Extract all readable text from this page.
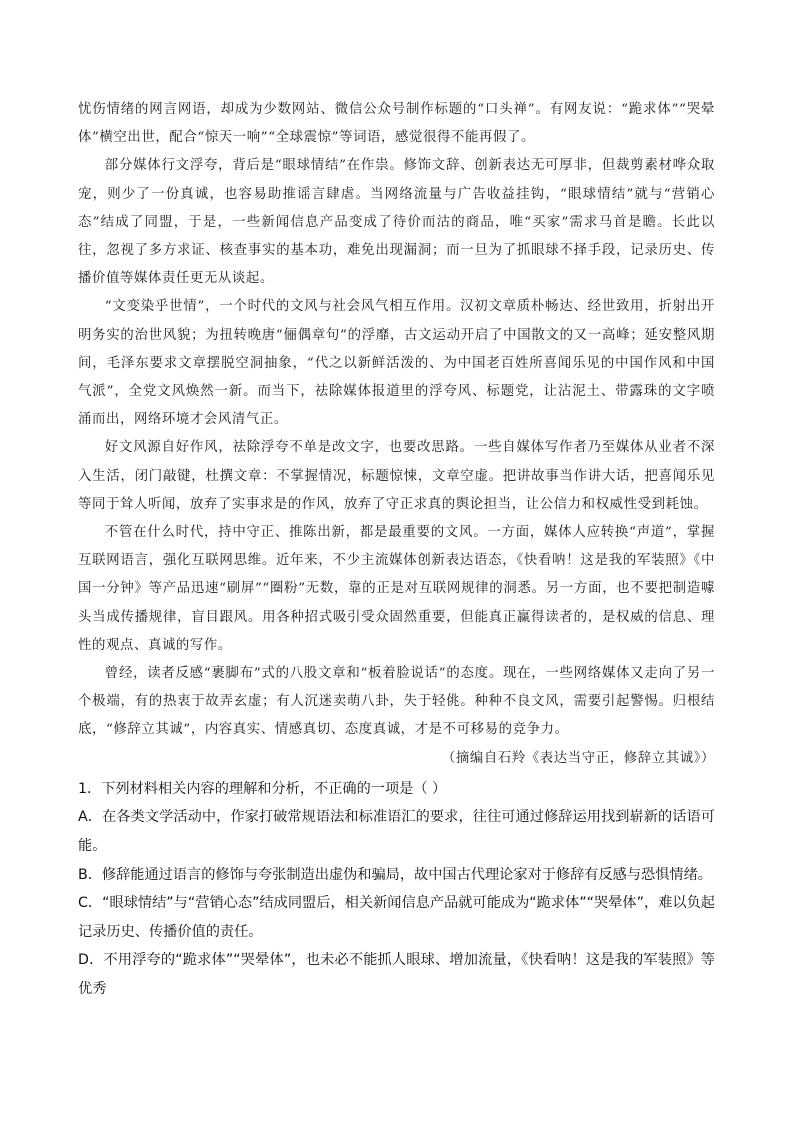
忧伤情绪的网言网语，却成为少数网站、微信公众号制作标题的“口头禅”。有网友说：“跪求体”“哭晕体”横空出世，配合“惊天一响”“全球震惊”等词语，感觉很得不能再假了。

部分媒体行文浮夸，背后是“眼球情结”在作祟。修饰文辞、创新表达无可厚非，但裁剪素材哗众取宠，则少了一份真诚，也容易助推谣言肆虐。当网络流量与广告收益挂钩，“眼球情结”就与“营销心态”结成了同盟，于是，一些新闻信息产品变成了待价而沽的商品，唯“买家”需求马首是瞻。长此以往，忽视了多方求证、核查事实的基本功，难免出现漏洞；而一旦为了抓眼球不择手段，记录历史、传播价值等媒体责任更无从谈起。

“文变染乎世情”，一个时代的文风与社会风气相互作用。汉初文章质朴畅达、经世致用，折射出开明务实的治世风貌；为扭转晚唐“俪偶章句”的浮靡，古文运动开启了中国散文的又一高峰；延安整风期间，毛泽东要求文章摆脱空洞抽象，“代之以新鲜活泼的、为中国老百姓所喜闻乐见的中国作风和中国气派”，全党文风焕然一新。而当下，祛除媒体报道里的浮夸风、标题党，让沾泥土、带露珠的文字喷涌而出，网络环境才会风清气正。

好文风源自好作风，祛除浮夸不单是改文字，也要改思路。一些自媒体写作者乃至媒体从业者不深入生活，闭门敲键，杜撰文章：不掌握情况，标题惊悚，文章空虚。把讲故事当作讲大话，把喜闻乐见等同于耸人听闻，放弃了实事求是的作风，放弃了守正求真的舆论担当，让公信力和权威性受到耗蚀。

不管在什么时代，持中守正、推陈出新，都是最重要的文风。一方面，媒体人应转换“声道”，掌握互联网语言，强化互联网思维。近年来，不少主流媒体创新表达语态，《快看呐！这是我的军装照》《中国一分钟》等产品迅速“刷屏”“圈粉”无数，靠的正是对互联网规律的洞悉。另一方面，也不要把制造噱头当成传播规律，盲目跟风。用各种招式吸引受众固然重要，但能真正赢得读者的，是权威的信息、理性的观点、真诚的写作。

曾经，读者反感“裹脚布”式的八股文章和“板着脸说话”的态度。现在，一些网络媒体又走向了另一个极端，有的热衷于故弄玄虚；有人沉迷卖萌八卦，失于轻佻。种种不良文风，需要引起警惕。归根结底，“修辞立其诚”，内容真实、情感真切、态度真诚，才是不可移易的竞争力。

（摘编自石羚《表达当守正，修辞立其诚》）

1．下列材料相关内容的理解和分析，不正确的一项是（ ）

A．在各类文学活动中，作家打破常规语法和标准语汇的要求，往往可通过修辞运用找到崭新的话语可能。

B．修辞能通过语言的修饰与夸张制造出虚伪和骗局，故中国古代理论家对于修辞有反感与恐惧情绪。

C．“眼球情结”与“营销心态”结成同盟后，相关新闻信息产品就可能成为“跪求体”“哭晕体”，难以负起记录历史、传播价值的责任。

D．不用浮夸的“跪求体”“哭晕体”，也未必不能抓人眼球、增加流量，《快看呐！这是我的军装照》等优秀
